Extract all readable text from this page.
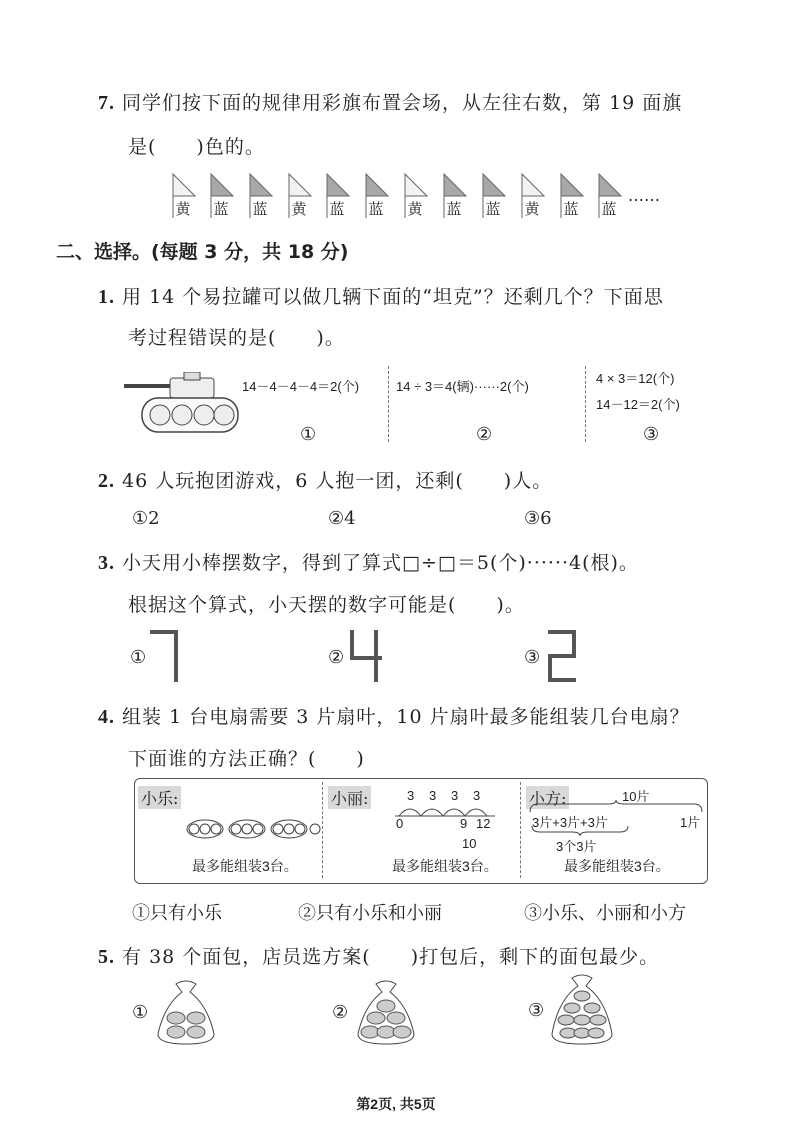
7. 同学们按下面的规律用彩旗布置会场，从左往右数，第 19 面旗
是(　　)色的。
黄	蓝	蓝	黄	蓝	蓝	黄	蓝	蓝	黄	蓝	蓝
……
二、选择。(每题 3 分，共 18 分)
1. 用 14 个易拉罐可以做几辆下面的“坦克”？还剩几个？下面思
考过程错误的是(　　)。
14－4－4－4＝2(个)	14 ÷ 3＝4(辆)······2(个)
4 × 3＝12(个)
14－12＝2(个)
①	②	③
2. 46 人玩抱团游戏，6 人抱一团，还剩(　　)人。
①2	②4	③6
3. 小天用小棒摆数字，得到了算式□÷□＝5(个)······4(根)。
根据这个算式，小天摆的数字可能是(　　)。
①	②	③
4. 组装 1 台电扇需要 3 片扇叶，10 片扇叶最多能组装几台电扇？
下面谁的方法正确？(　　)
小乐:
最多能组装3台。
小丽:	3 3 3 3
0	9 12
10
最多能组装3台。
小方:	10片
3片+3片+3片	1片
3个3片
最多能组装3台。
①只有小乐	②只有小乐和小丽	③小乐、小丽和小方
5. 有 38 个面包，店员选方案(　　)打包后，剩下的面包最少。
①	②	③
第2页, 共5页
